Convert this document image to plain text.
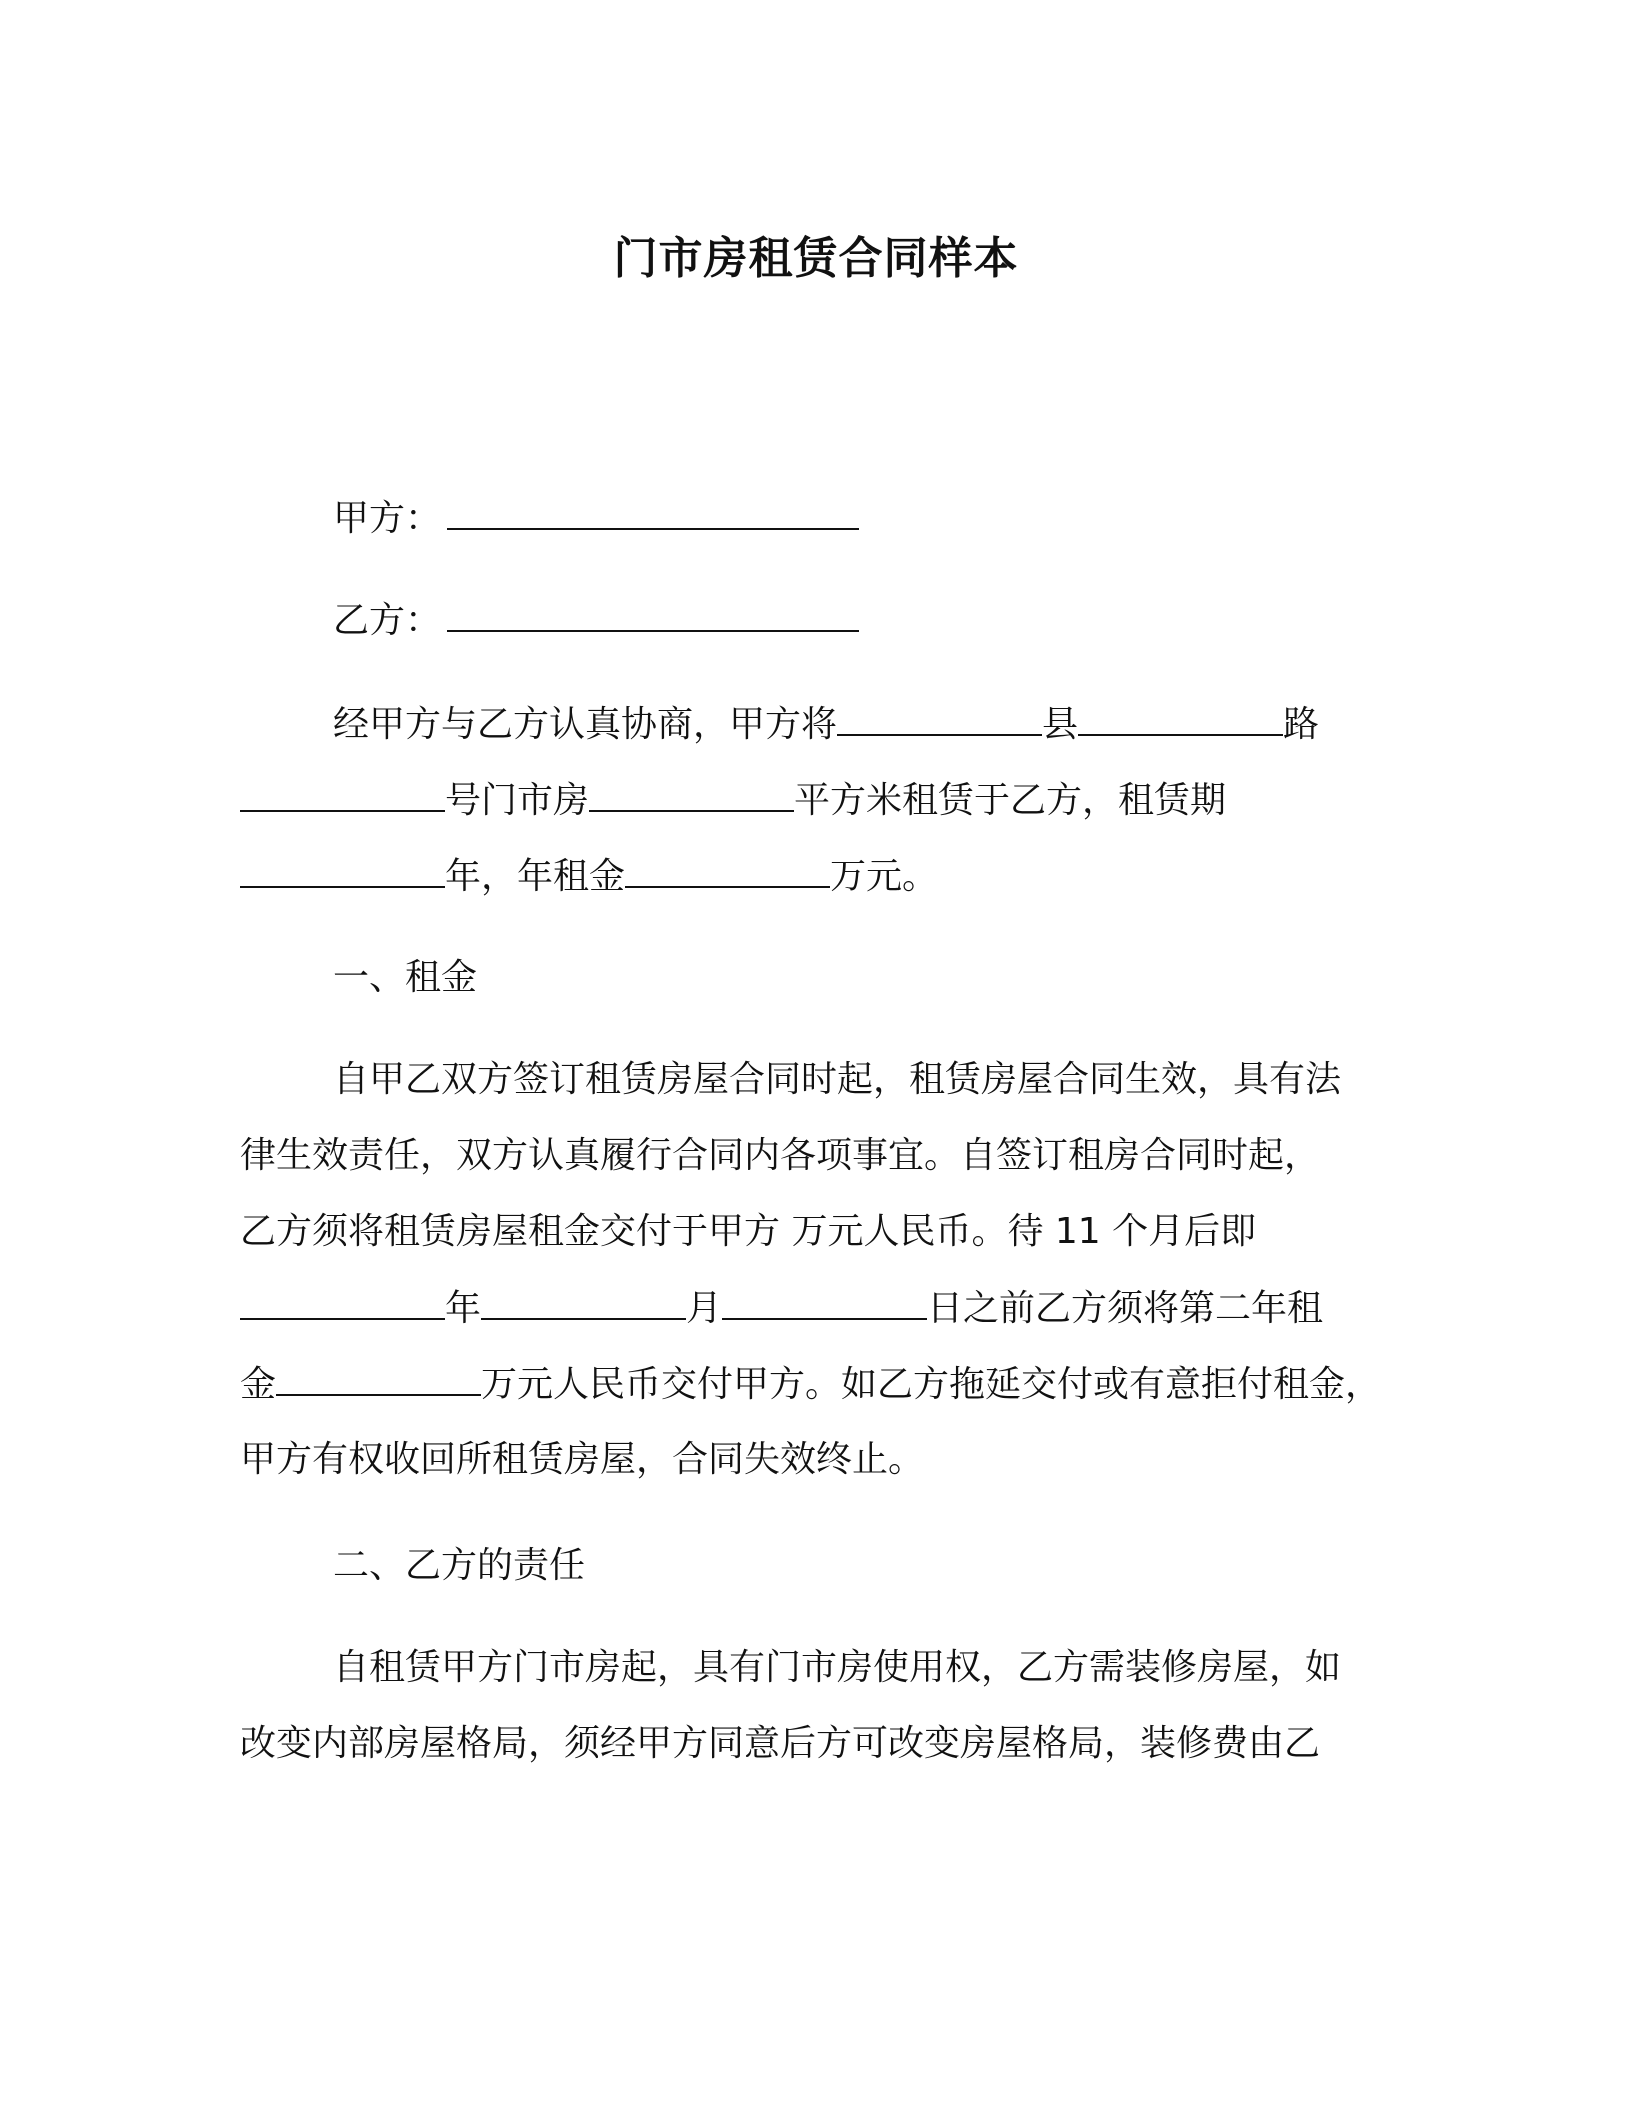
门市房租赁合同样本
甲方：
乙方：
经甲方与乙方认真协商，甲方将	县	路
号门市房	平方米租赁于乙方，租赁期
年，年租金	万元。
一、租金
自甲乙双方签订租赁房屋合同时起，租赁房屋合同生效，具有法
律生效责任，双方认真履行合同内各项事宜。自签订租房合同时起，
乙方须将租赁房屋租金交付于甲方 万元人民币。待 11 个月后即
年	月	日之前乙方须将第二年租
金	万元人民币交付甲方。如乙方拖延交付或有意拒付租金，
甲方有权收回所租赁房屋，合同失效终止。
二、乙方的责任
自租赁甲方门市房起，具有门市房使用权，乙方需装修房屋，如
改变内部房屋格局，须经甲方同意后方可改变房屋格局，装修费由乙
